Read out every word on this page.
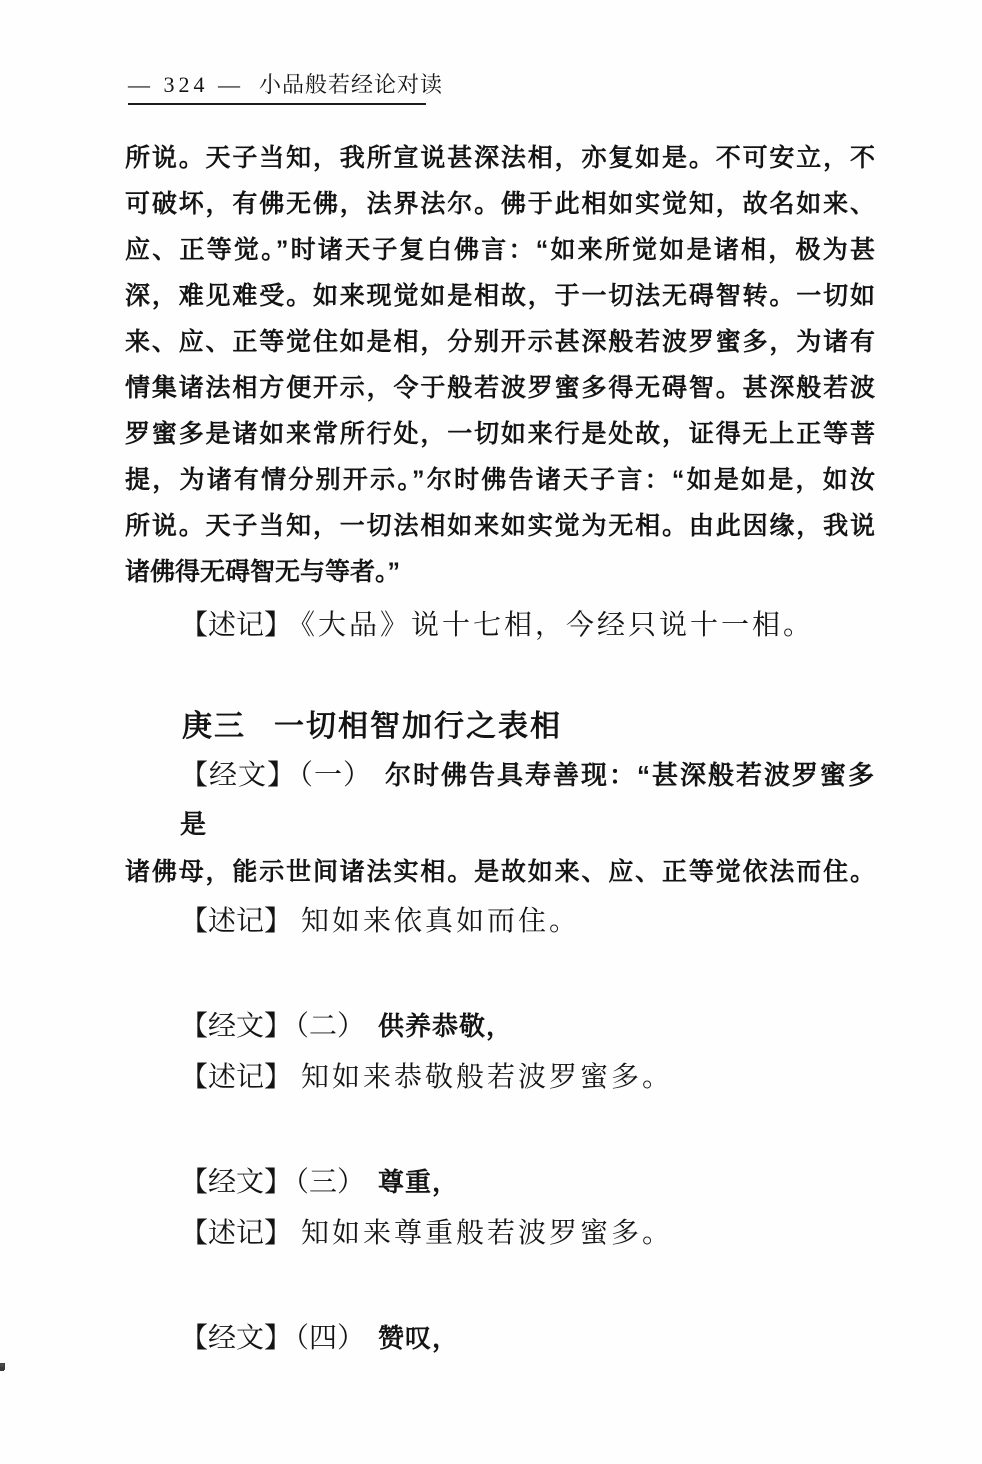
— 324 — 小品般若经论对读
所说。天子当知，我所宣说甚深法相，亦复如是。不可安立，不
可破坏，有佛无佛，法界法尔。佛于此相如实觉知，故名如来、
应、正等觉。”时诸天子复白佛言：“如来所觉如是诸相，极为甚
深，难见难受。如来现觉如是相故，于一切法无碍智转。一切如
来、应、正等觉住如是相，分别开示甚深般若波罗蜜多，为诸有
情集诸法相方便开示，令于般若波罗蜜多得无碍智。甚深般若波
罗蜜多是诸如来常所行处，一切如来行是处故，证得无上正等菩
提，为诸有情分别开示。”尔时佛告诸天子言：“如是如是，如汝
所说。天子当知，一切法相如来如实觉为无相。由此因缘，我说
诸佛得无碍智无与等者。”
【述记】 《大品》说十七相，今经只说十一相。
庚三 一切相智加行之表相
【经文】 （一） 尔时佛告具寿善现：“甚深般若波罗蜜多是
诸佛母，能示世间诸法实相。是故如来、应、正等觉依法而住。
【述记】 知如来依真如而住。
【经文】 （二） 供养恭敬，
【述记】 知如来恭敬般若波罗蜜多。
【经文】 （三） 尊重，
【述记】 知如来尊重般若波罗蜜多。
【经文】 （四） 赞叹，
